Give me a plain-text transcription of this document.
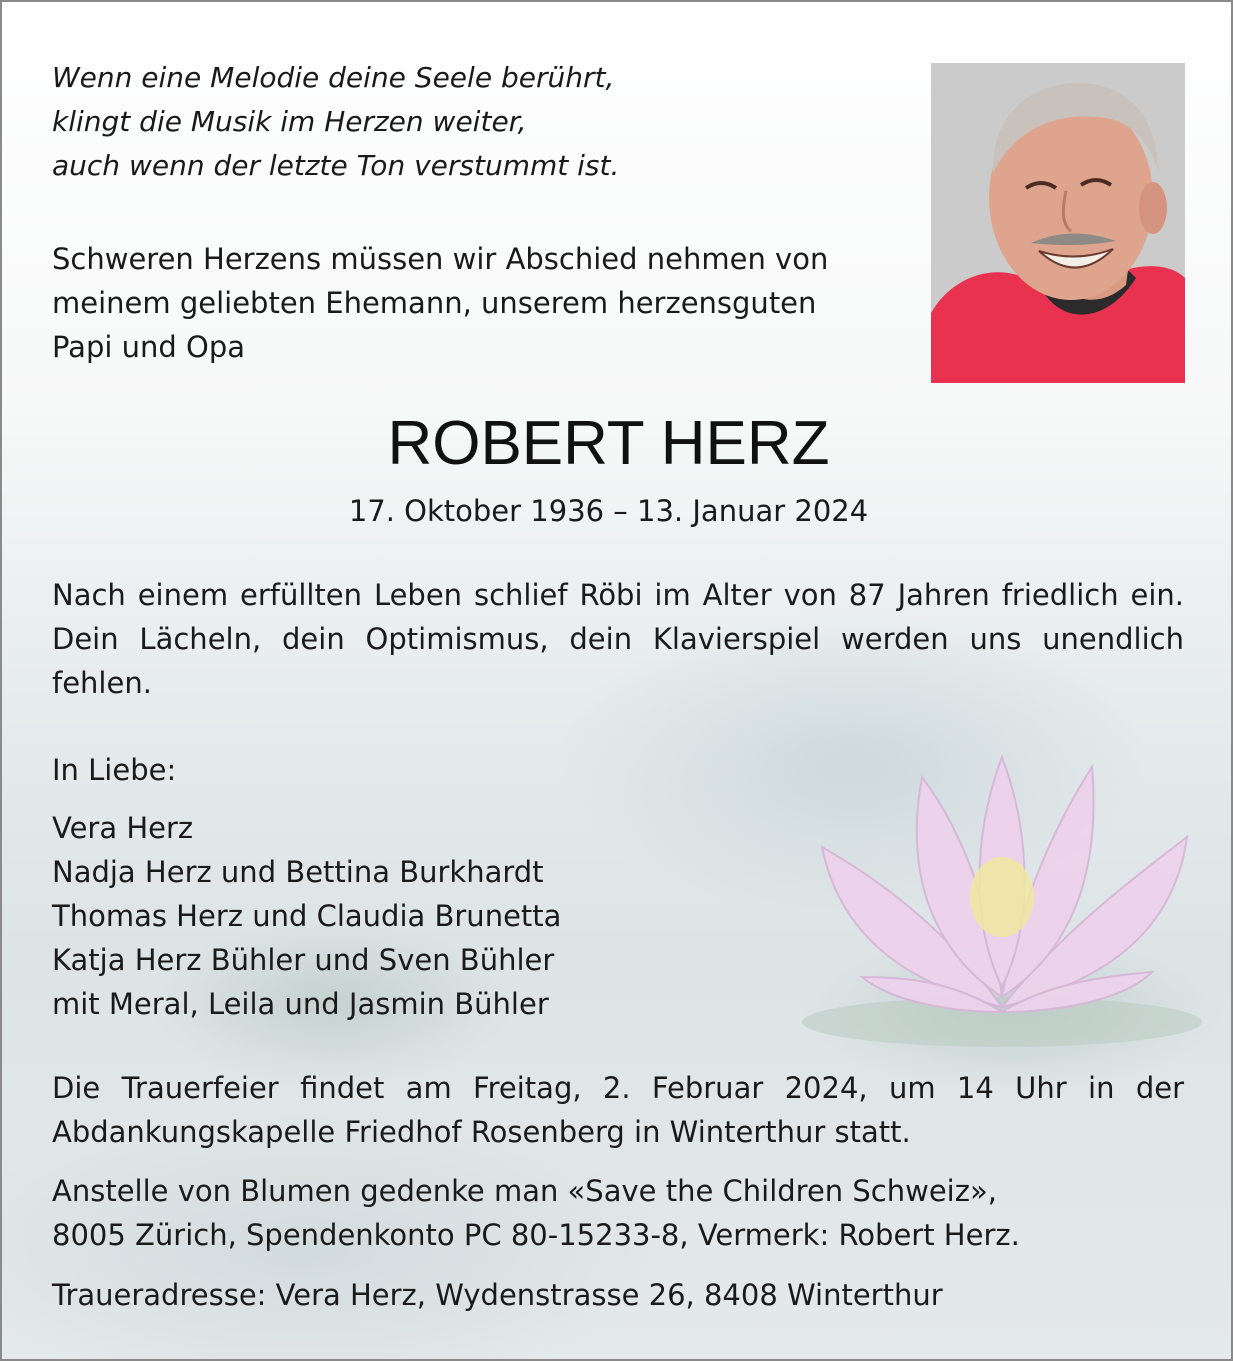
Wenn eine Melodie deine Seele berührt,
klingt die Musik im Herzen weiter,
auch wenn der letzte Ton verstummt ist.
Schweren Herzens müssen wir Abschied nehmen von
meinem geliebten Ehemann, unserem herzensguten
Papi und Opa
ROBERT HERZ
17. Oktober 1936 – 13. Januar 2024
Nach einem erfüllten Leben schlief Röbi im Alter von 87 Jahren friedlich ein. Dein Lächeln, dein Optimismus, dein Klavierspiel werden uns unendlich fehlen.
In Liebe:
Vera Herz
Nadja Herz und Bettina Burkhardt
Thomas Herz und Claudia Brunetta
Katja Herz Bühler und Sven Bühler
mit Meral, Leila und Jasmin Bühler
Die Trauerfeier findet am Freitag, 2. Februar 2024, um 14 Uhr in der Abdankungskapelle Friedhof Rosenberg in Winterthur statt.
Anstelle von Blumen gedenke man «Save the Children Schweiz»,
8005 Zürich, Spendenkonto PC 80-15233-8, Vermerk: Robert Herz.
Traueradresse: Vera Herz, Wydenstrasse 26, 8408 Winterthur
